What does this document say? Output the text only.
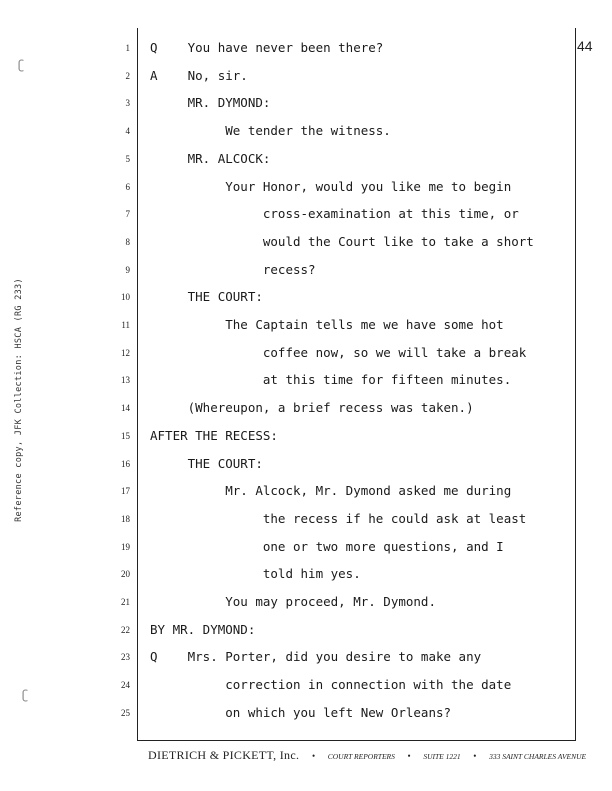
Reference copy, JFK Collection: HSCA (RG 233)
ʗ
ʗ
44
1 Q    You have never been there?
2 A    No, sir.
3 MR. DYMOND:
4 We tender the witness.
5 MR. ALCOCK:
6 Your Honor, would you like me to begin
7 cross-examination at this time, or
8 would the Court like to take a short
9 recess?
10 THE COURT:
11 The Captain tells me we have some hot
12 coffee now, so we will take a break
13 at this time for fifteen minutes.
14 (Whereupon, a brief recess was taken.)
15 AFTER THE RECESS:
16 THE COURT:
17 Mr. Alcock, Mr. Dymond asked me during
18 the recess if he could ask at least
19 one or two more questions, and I
20 told him yes.
21 You may proceed, Mr. Dymond.
22 BY MR. DYMOND:
23 Q    Mrs. Porter, did you desire to make any
24 correction in connection with the date
25 on which you left New Orleans?
DIETRICH & PICKETT, Inc. • COURT REPORTERS • SUITE 1221 • 333 SAINT CHARLES AVENUE
